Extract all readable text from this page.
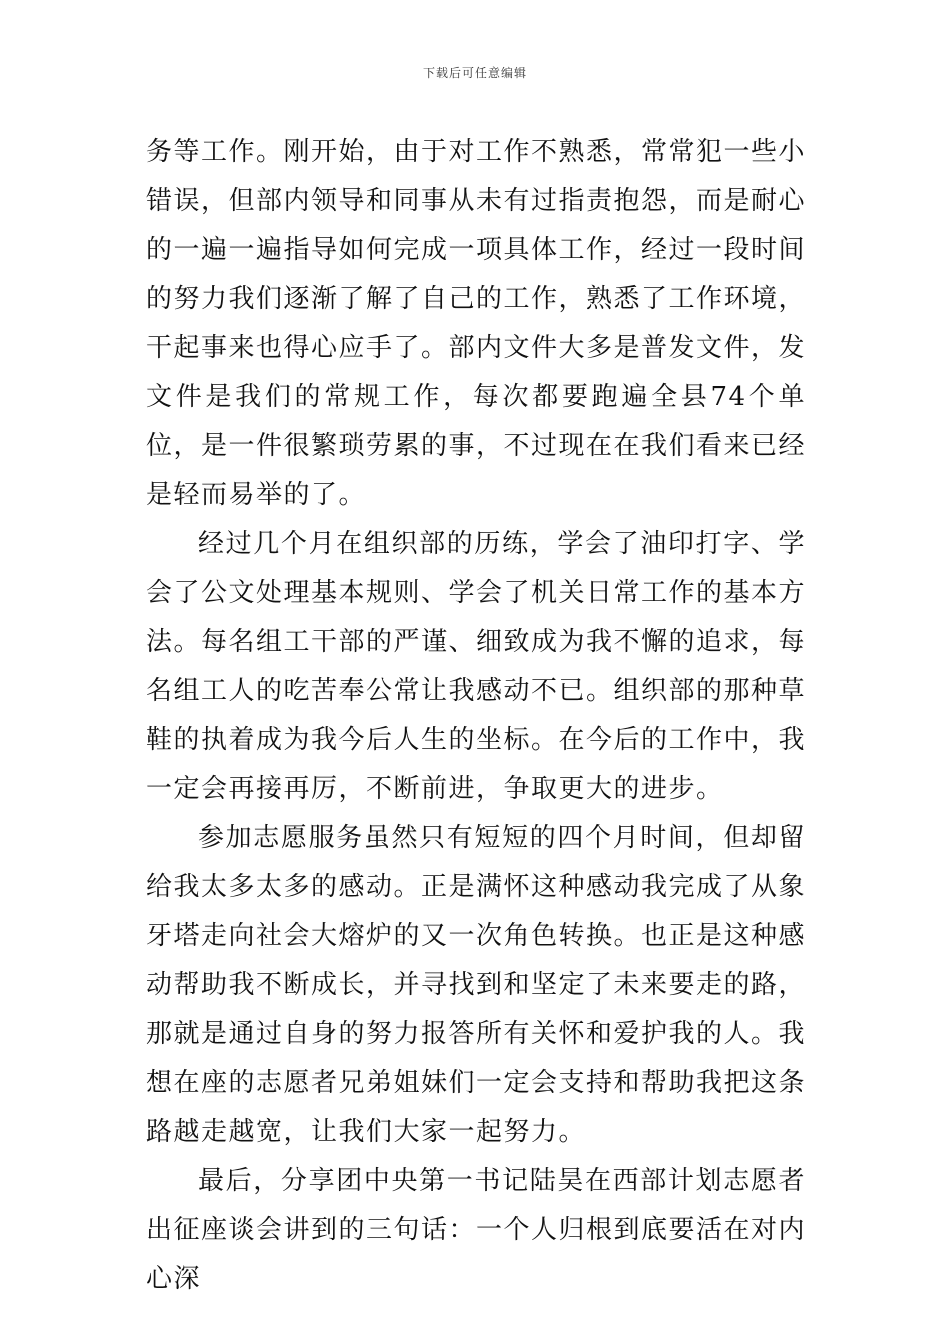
下载后可任意编辑

务等工作。刚开始，由于对工作不熟悉，常常犯一些小错误，但部内领导和同事从未有过指责抱怨，而是耐心的一遍一遍指导如何完成一项具体工作，经过一段时间的努力我们逐渐了解了自己的工作，熟悉了工作环境，干起事来也得心应手了。部内文件大多是普发文件，发文件是我们的常规工作，每次都要跑遍全县74个单位，是一件很繁琐劳累的事，不过现在在我们看来已经是轻而易举的了。

经过几个月在组织部的历练，学会了油印打字、学会了公文处理基本规则、学会了机关日常工作的基本方法。每名组工干部的严谨、细致成为我不懈的追求，每名组工人的吃苦奉公常让我感动不已。组织部的那种草鞋的执着成为我今后人生的坐标。在今后的工作中，我一定会再接再厉，不断前进，争取更大的进步。

参加志愿服务虽然只有短短的四个月时间，但却留给我太多太多的感动。正是满怀这种感动我完成了从象牙塔走向社会大熔炉的又一次角色转换。也正是这种感动帮助我不断成长，并寻找到和坚定了未来要走的路，那就是通过自身的努力报答所有关怀和爱护我的人。我想在座的志愿者兄弟姐妹们一定会支持和帮助我把这条路越走越宽，让我们大家一起努力。

最后，分享团中央第一书记陆昊在西部计划志愿者出征座谈会讲到的三句话：一个人归根到底要活在对内心深
